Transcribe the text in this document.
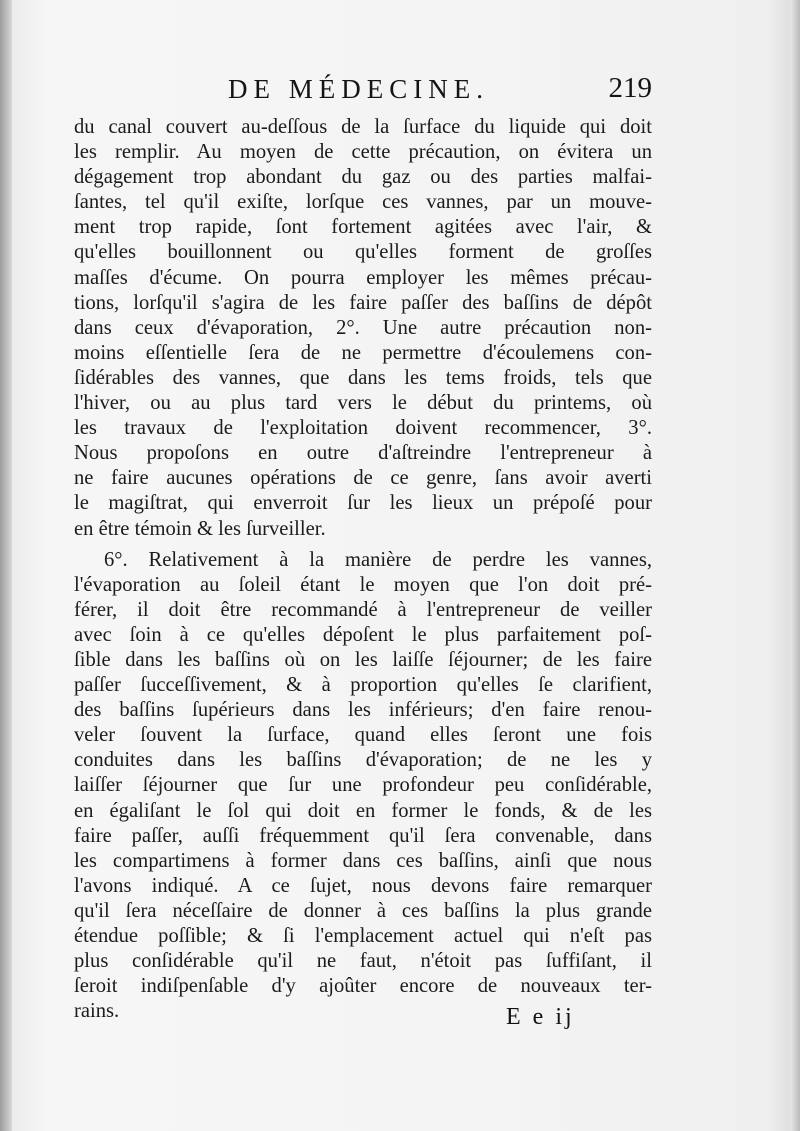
DE MÉDECINE.	219
du canal couvert au-deſſous de la ſurface du liquide qui doit
les remplir. Au moyen de cette précaution, on évitera un
dégagement trop abondant du gaz ou des parties malfai-
ſantes, tel qu'il exiſte, lorſque ces vannes, par un mouve-
ment trop rapide, ſont fortement agitées avec l'air, &
qu'elles bouillonnent ou qu'elles forment de groſſes
maſſes d'écume. On pourra employer les mêmes précau-
tions, lorſqu'il s'agira de les faire paſſer des baſſins de dépôt
dans ceux d'évaporation, 2°. Une autre précaution non-
moins eſſentielle ſera de ne permettre d'écoulemens con-
ſidérables des vannes, que dans les tems froids, tels que
l'hiver, ou au plus tard vers le début du printems, où
les travaux de l'exploitation doivent recommencer, 3°.
Nous propoſons en outre d'aſtreindre l'entrepreneur à
ne faire aucunes opérations de ce genre, ſans avoir averti
le magiſtrat, qui enverroit ſur les lieux un prépoſé pour
en être témoin & les ſurveiller.
6°. Relativement à la manière de perdre les vannes,
l'évaporation au ſoleil étant le moyen que l'on doit pré-
férer, il doit être recommandé à l'entrepreneur de veiller
avec ſoin à ce qu'elles dépoſent le plus parfaitement poſ-
ſible dans les baſſins où on les laiſſe ſéjourner; de les faire
paſſer ſucceſſivement, & à proportion qu'elles ſe clarifient,
des baſſins ſupérieurs dans les inférieurs; d'en faire renou-
veler ſouvent la ſurface, quand elles ſeront une fois
conduites dans les baſſins d'évaporation; de ne les y
laiſſer ſéjourner que ſur une profondeur peu conſidérable,
en égaliſant le ſol qui doit en former le fonds, & de les
faire paſſer, auſſi fréquemment qu'il ſera convenable, dans
les compartimens à former dans ces baſſins, ainſi que nous
l'avons indiqué. A ce ſujet, nous devons faire remarquer
qu'il ſera néceſſaire de donner à ces baſſins la plus grande
étendue poſſible; & ſi l'emplacement actuel qui n'eſt pas
plus conſidérable qu'il ne faut, n'étoit pas ſuffiſant, il
ſeroit indiſpenſable d'y ajoûter encore de nouveaux ter-
rains.	E e ij
